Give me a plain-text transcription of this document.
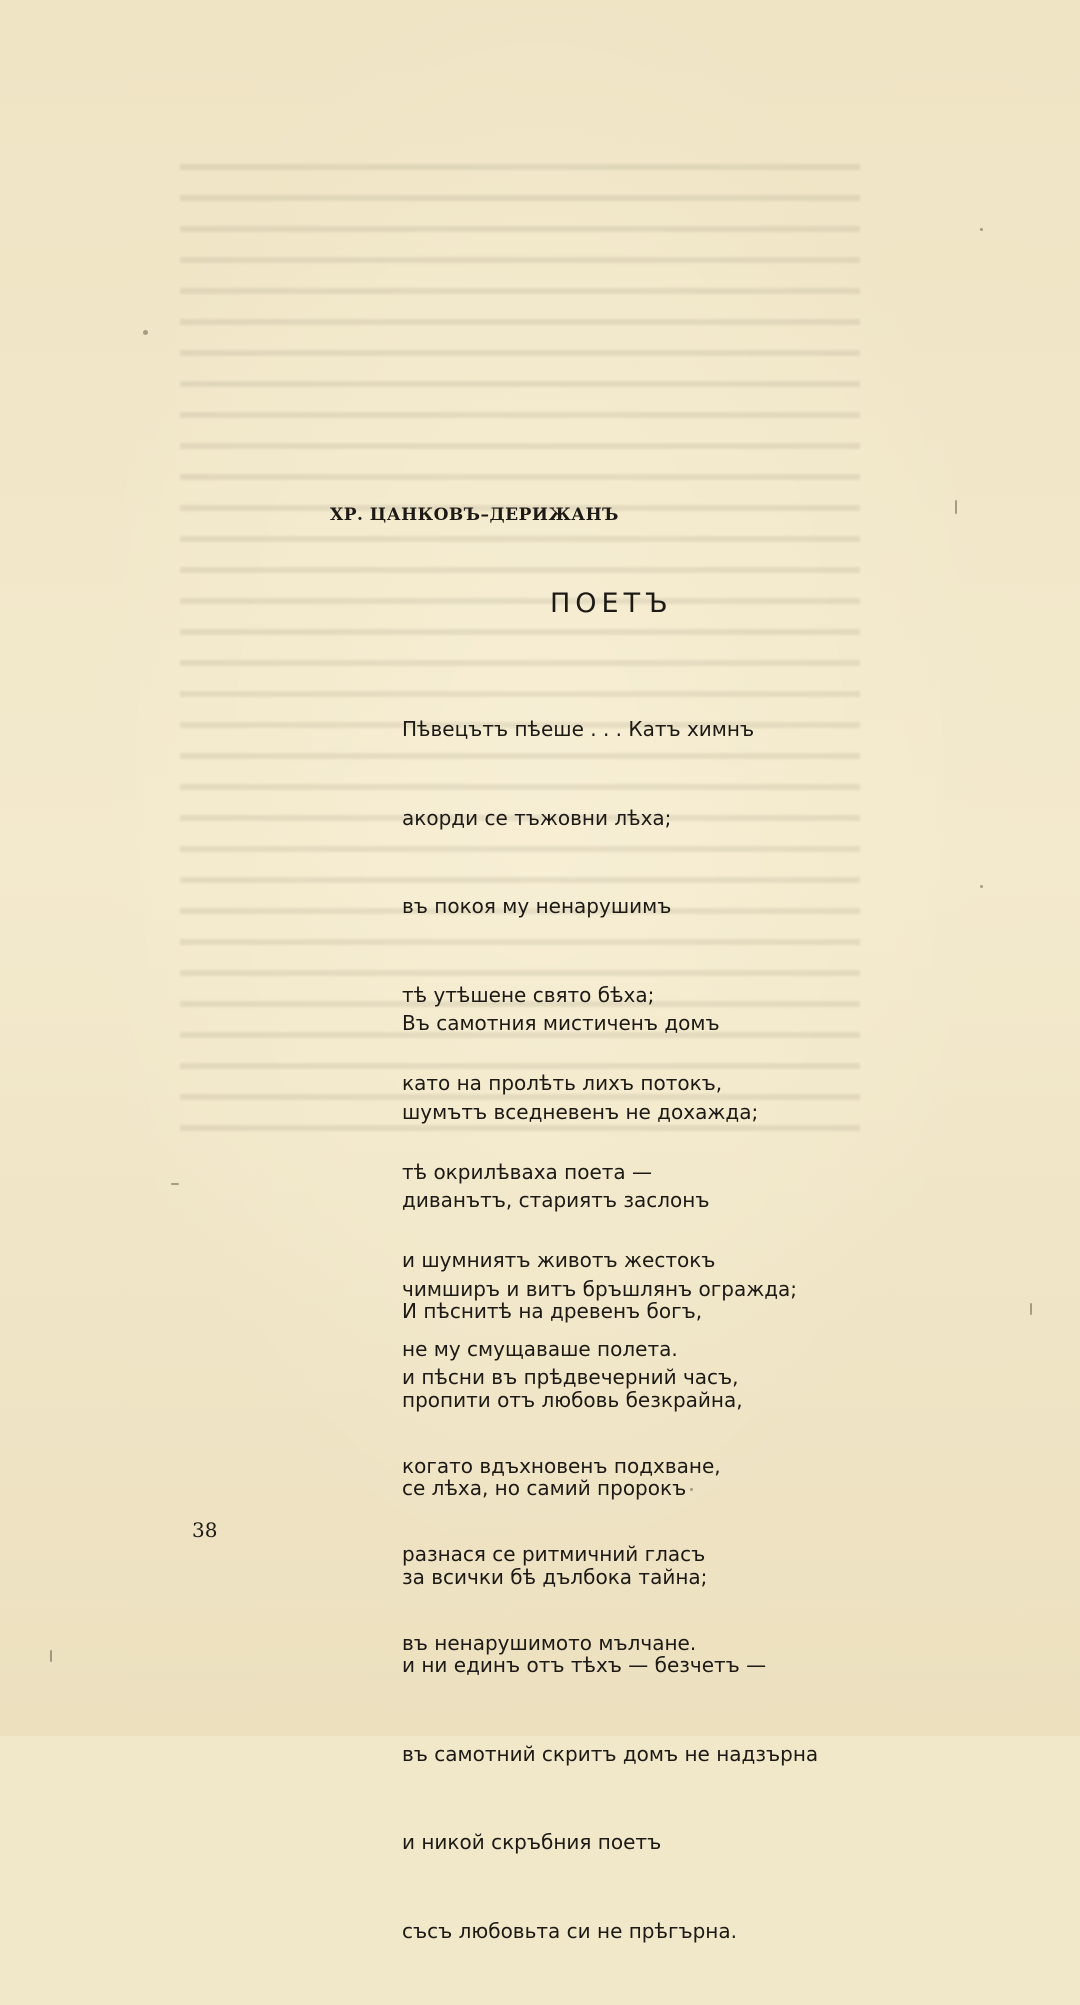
ХР. ЦАНКОВЪ–ДЕРИЖАНЪ
ПОЕТЪ

Пѣвецътъ пѣеше . . . Катъ химнъ

акорди се тъжовни лѣха;

въ покоя му ненарушимъ

тѣ утѣшене свято бѣха;

като на пролѣть лихъ потокъ,

тѣ окрилѣваха поета —

и шумниятъ животъ жестокъ

не му смущаваше полета.

Въ самотния мистиченъ домъ

шумътъ вседневенъ не дохажда;

диванътъ, стариятъ заслонъ

чимширъ и витъ бръшлянъ огражда;

и пѣсни въ прѣдвечерний часъ,

когато вдъхновенъ подхване,

разнася се ритмичний гласъ

въ ненарушимото мълчане.

И пѣснитѣ на древенъ богъ,

пропити отъ любовь безкрайна,

се лѣха, но самий пророкъ

за всички бѣ дълбока тайна;

и ни единъ отъ тѣхъ — безчетъ —

въ самотний скритъ домъ не надзърна

и никой скръбния поетъ

съсъ любовьта си не прѣгърна.

38
